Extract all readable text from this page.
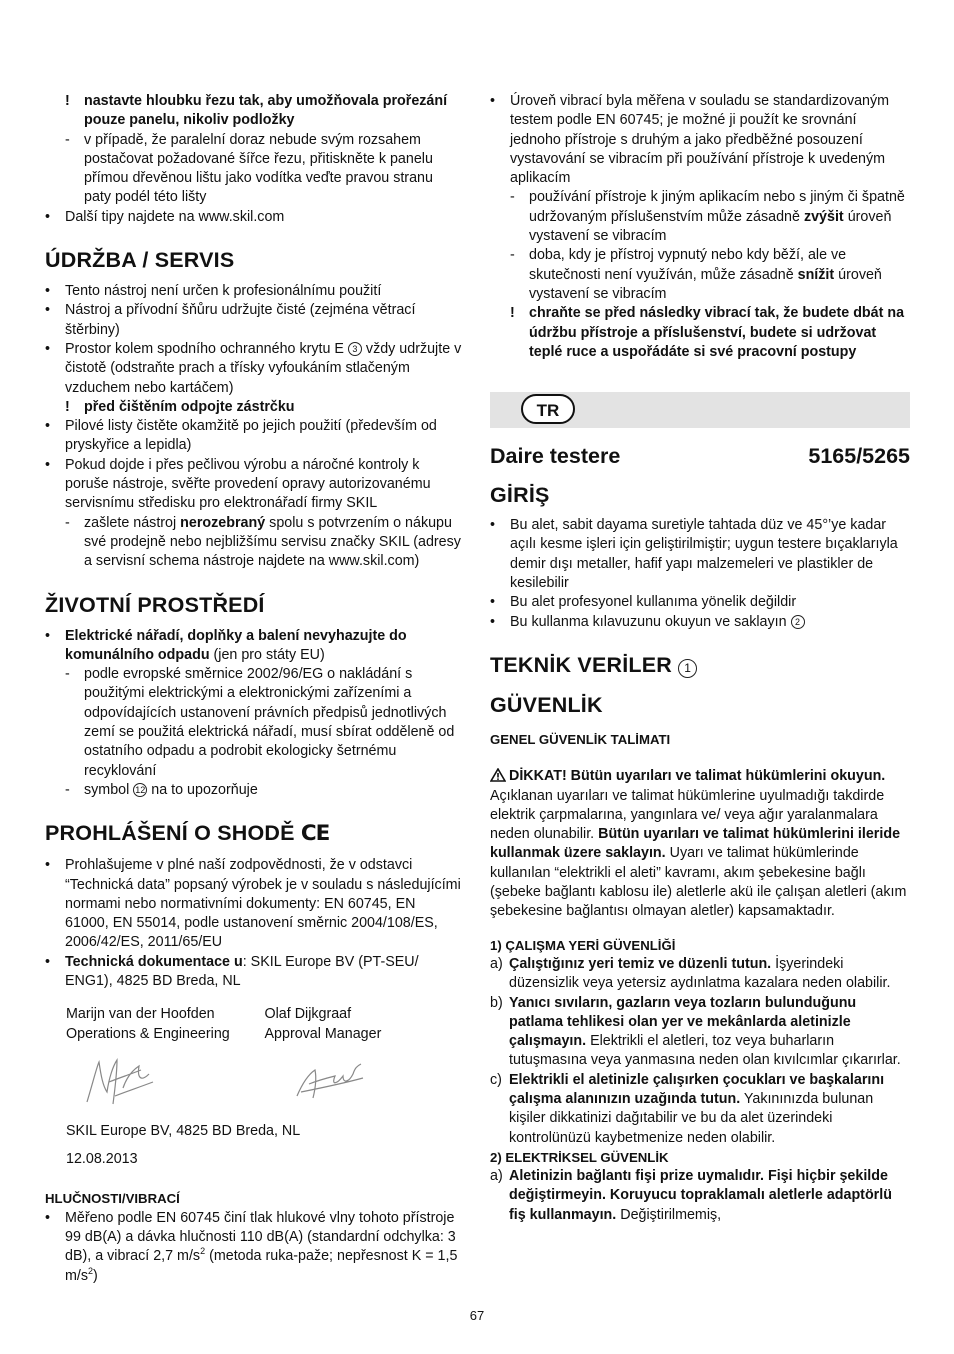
! nastavte hloubku řezu tak, aby umožňovala prořezání pouze panelu, nikoliv podložky

- v případě, že paralelní doraz nebude svým rozsahem postačovat požadované šířce řezu, přitiskněte k panelu přímou dřevěnou lištu jako vodítka veďte pravou stranu paty podél této lišty

• Další tipy najdete na www.skil.com

ÚDRŽBA / SERVIS

• Tento nástroj není určen k profesionálnímu použití

• Nástroj a přívodní šňůru udržujte čisté (zejména větrací štěrbiny)

• Prostor kolem spodního ochranného krytu E 3 vždy udržujte v čistotě (odstraňte prach a třísky vyfoukáním stlačeným vzduchem nebo kartáčem)

! před čištěním odpojte zástrčku

• Pilové listy čistěte okamžitě po jejich použití (především od pryskyřice a lepidla)

• Pokud dojde i přes pečlivou výrobu a náročné kontroly k poruše nástroje, svěřte provedení opravy autorizovanému servisnímu středisku pro elektronářadí firmy SKIL

- zašlete nástroj nerozebraný spolu s potvrzením o nákupu své prodejně nebo nejbližšímu servisu značky SKIL (adresy a servisní schema nástroje najdete na www.skil.com)

ŽIVOTNÍ PROSTŘEDÍ

• Elektrické nářadí, doplňky a balení nevyhazujte do komunálního odpadu (jen pro státy EU)

- podle evropské směrnice 2002/96/EG o nakládání s použitými elektrickými a elektronickými zařízeními a odpovídajících ustanovení právních předpisů jednotlivých zemí se použitá elektrická nářadí, musí sbírat odděleně od ostatního odpadu a podrobit ekologicky šetrnému recyklování

- symbol 12 na to upozorňuje

PROHLÁŠENÍ O SHODĚ CE

• Prohlašujeme v plné naší zodpovědnosti, že v odstavci “Technická data” popsaný výrobek je v souladu s následujícími normami nebo normativními dokumenty: EN 60745, EN 61000, EN 55014, podle ustanovení směrnic 2004/108/ES, 2006/42/ES, 2011/65/EU

• Technická dokumentace u: SKIL Europe BV (PT-SEU/ ENG1), 4825 BD Breda, NL

Marijn van der Hoofden

Operations & Engineering

Olaf Dijkgraaf

Approval Manager

SKIL Europe BV, 4825 BD Breda, NL

12.08.2013

HLUČNOSTI/VIBRACÍ

• Měřeno podle EN 60745 činí tlak hlukové vlny tohoto přístroje 99 dB(A) a dávka hlučnosti 110 dB(A) (standardní odchylka: 3 dB), a vibrací 2,7 $m/s^2$ (metoda ruka-paže; nepřesnost K = 1,5 $m/s^2$)

• Úroveň vibrací byla měřena v souladu se standardizovaným testem podle EN 60745; je možné ji použít ke srovnání jednoho přístroje s druhým a jako předběžné posouzení vystavování se vibracím při používání přístroje k uvedeným aplikacím

- používání přístroje k jiným aplikacím nebo s jiným či špatně udržovaným příslušenstvím může zásadně zvýšit úroveň vystavení se vibracím

- doba, kdy je přístroj vypnutý nebo kdy běží, ale ve skutečnosti není využíván, může zásadně snížit úroveň vystavení se vibracím

! chraňte se před následky vibrací tak, že budete dbát na údržbu přístroje a příslušenství, budete si udržovat teplé ruce a uspořádáte si své pracovní postupy

TR
Daire testere	5165/5265

GİRİŞ

• Bu alet, sabit dayama suretiyle tahtada düz ve 45°’ye kadar açılı kesme işleri için geliştirilmiştir; uygun testere bıçaklarıyla demir dışı metaller, hafif yapı malzemeleri ve plastikler de kesilebilir

• Bu alet profesyonel kullanıma yönelik değildir

• Bu kullanma kılavuzunu okuyun ve saklayın 2

TEKNİK VERİLER 1

GÜVENLİK

GENEL GÜVENLİK TALİMATI

DİKKAT! Bütün uyarıları ve talimat hükümlerini okuyun. Açıklanan uyarıları ve talimat hükümlerine uyulmadığı takdirde elektrik çarpmalarına, yangınlara ve/ veya ağır yaralanmalara neden olunabilir. Bütün uyarıları ve talimat hükümlerini ileride kullanmak üzere saklayın. Uyarı ve talimat hükümlerinde kullanılan “elektrikli el aleti” kavramı, akım şebekesine bağlı (şebeke bağlantı kablosu ile) aletlerle akü ile çalışan aletleri (akım şebekesine bağlantısı olmayan aletler) kapsamaktadır.

1) ÇALIŞMA YERİ GÜVENLİĞİ

a) Çalıştığınız yeri temiz ve düzenli tutun. İşyerindeki düzensizlik veya yetersiz aydınlatma kazalara neden olabilir.

b) Yanıcı sıvıların, gazların veya tozların bulunduğunu patlama tehlikesi olan yer ve mekânlarda aletinizle çalışmayın. Elektrikli el aletleri, toz veya buharların tutuşmasına veya yanmasına neden olan kıvılcımlar çıkarırlar.

c) Elektrikli el aletinizle çalışırken çocukları ve başkalarını çalışma alanınızın uzağında tutun. Yakınınızda bulunan kişiler dikkatinizi dağıtabilir ve bu da alet üzerindeki kontrolünüzü kaybetmenize neden olabilir.

2) ELEKTRİKSEL GÜVENLİK

a) Aletinizin bağlantı fişi prize uymalıdır. Fişi hiçbir şekilde değiştirmeyin. Koruyucu topraklamalı aletlerle adaptörlü fiş kullanmayın. Değiştirilmemiş,

67
